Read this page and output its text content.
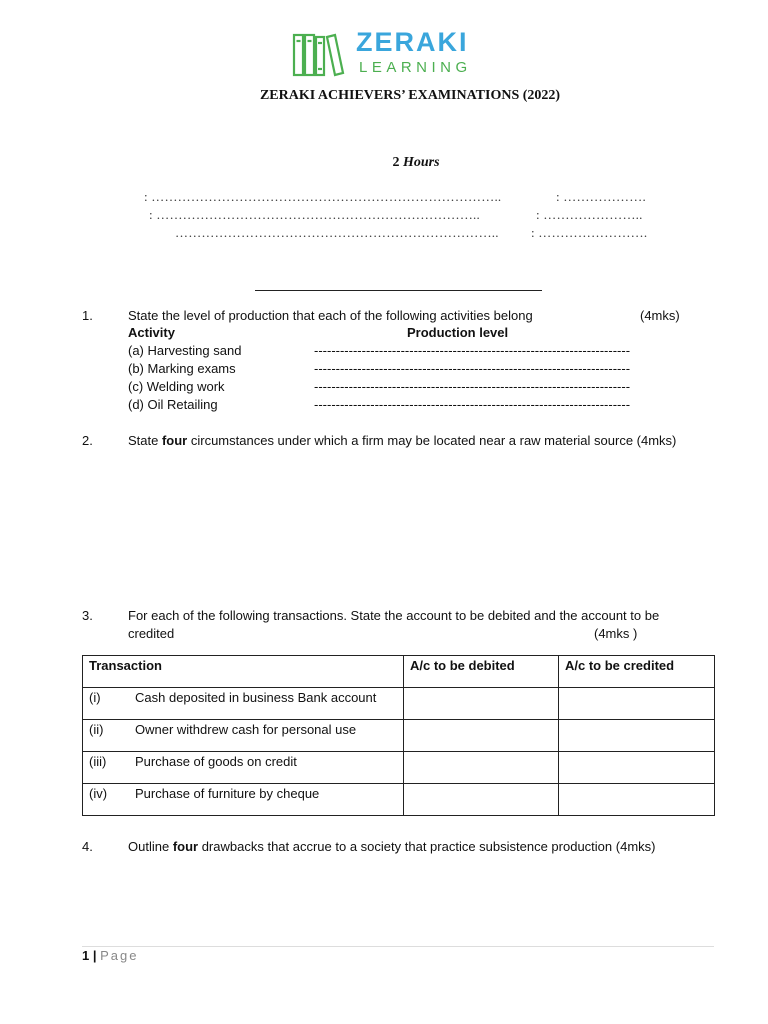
ZERAKI
LEARNING
ZERAKI ACHIEVERS’ EXAMINATIONS (2022)
2 Hours
: ……………………………………………………………………..	: ……………….
: ………………………………………………………………..	: …………………..
……………………………………………………………….. : …………………….
1.	State the level of production that each of the following activities belong	(4mks)
Activity	Production level
(a) Harvesting sand	-------------------------------------------------------------------------
(b) Marking exams	-------------------------------------------------------------------------
(c) Welding work	-------------------------------------------------------------------------
(d) Oil Retailing	-------------------------------------------------------------------------
2.	State four circumstances under which a firm may be located near a raw material source (4mks)
3.	For each of the following transactions. State the account to be debited and the account to be
credited	(4mks )
Transaction	A/c to be debited	A/c to be credited
(i) Cash deposited in business Bank account		
(ii) Owner withdrew cash for personal use		
(iii) Purchase of goods on credit		
(iv) Purchase of furniture by cheque		
4.	Outline four drawbacks that accrue to a society that practice subsistence production (4mks)
1 | Page
